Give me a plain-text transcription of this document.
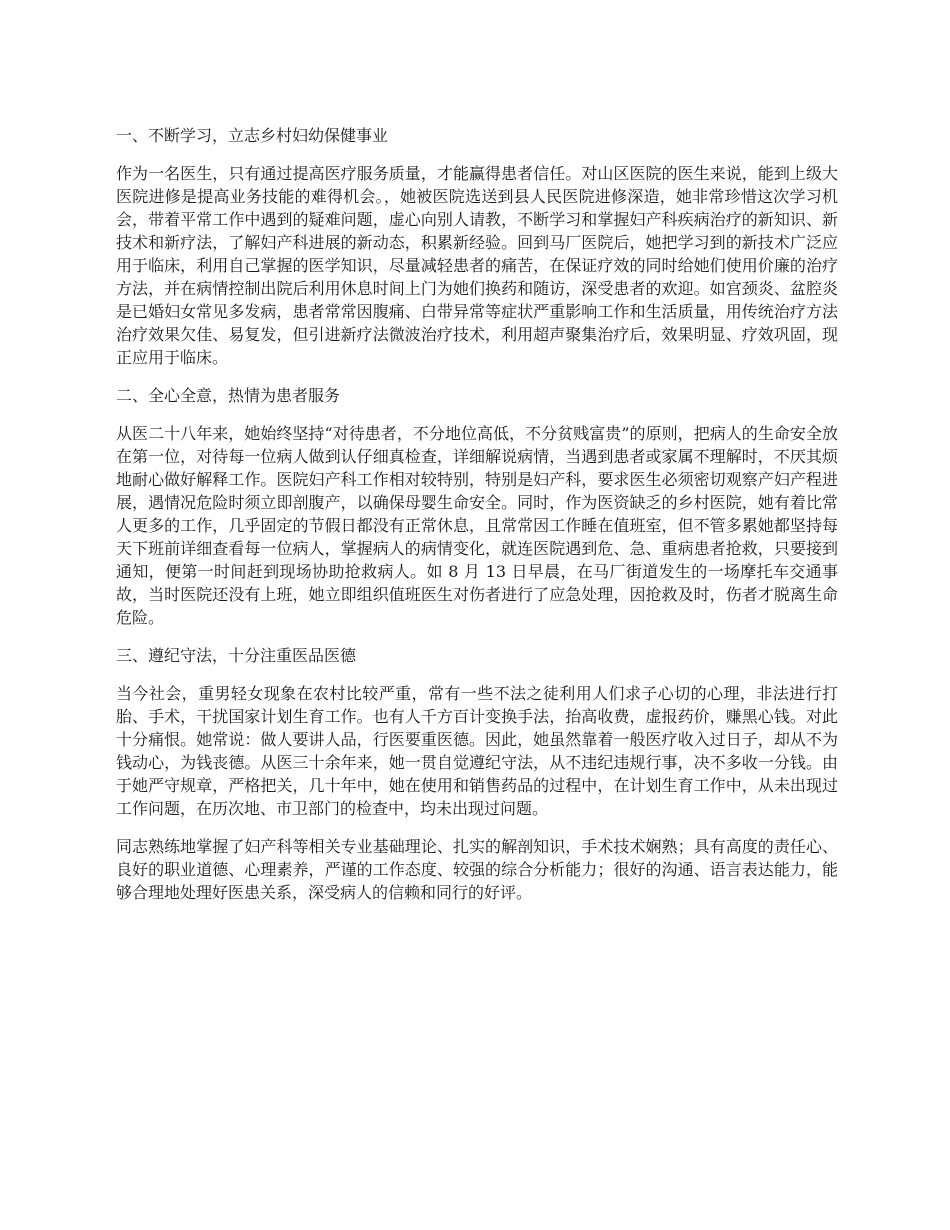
一、不断学习，立志乡村妇幼保健事业

作为一名医生，只有通过提高医疗服务质量，才能赢得患者信任。对山区医院的医生来说，能到上级大医院进修是提高业务技能的难得机会。，她被医院选送到县人民医院进修深造，她非常珍惜这次学习机会，带着平常工作中遇到的疑难问题，虚心向别人请教，不断学习和掌握妇产科疾病治疗的新知识、新技术和新疗法，了解妇产科进展的新动态，积累新经验。回到马厂医院后，她把学习到的新技术广泛应用于临床，利用自己掌握的医学知识，尽量减轻患者的痛苦，在保证疗效的同时给她们使用价廉的治疗方法，并在病情控制出院后利用休息时间上门为她们换药和随访，深受患者的欢迎。如宫颈炎、盆腔炎是已婚妇女常见多发病，患者常常因腹痛、白带异常等症状严重影响工作和生活质量，用传统治疗方法治疗效果欠佳、易复发，但引进新疗法微波治疗技术，利用超声聚集治疗后，效果明显、疗效巩固，现正应用于临床。

二、全心全意，热情为患者服务

从医二十八年来，她始终坚持“对待患者，不分地位高低，不分贫贱富贵”的原则，把病人的生命安全放在第一位，对待每一位病人做到认仔细真检查，详细解说病情，当遇到患者或家属不理解时，不厌其烦地耐心做好解释工作。医院妇产科工作相对较特别，特别是妇产科，要求医生必须密切观察产妇产程进展，遇情况危险时须立即剖腹产，以确保母婴生命安全。同时，作为医资缺乏的乡村医院，她有着比常人更多的工作，几乎固定的节假日都没有正常休息，且常常因工作睡在值班室，但不管多累她都坚持每天下班前详细查看每一位病人，掌握病人的病情变化，就连医院遇到危、急、重病患者抢救，只要接到通知，便第一时间赶到现场协助抢救病人。如 8 月 13 日早晨，在马厂街道发生的一场摩托车交通事故，当时医院还没有上班，她立即组织值班医生对伤者进行了应急处理，因抢救及时，伤者才脱离生命危险。

三、遵纪守法，十分注重医品医德

当今社会，重男轻女现象在农村比较严重，常有一些不法之徒利用人们求子心切的心理，非法进行打胎、手术，干扰国家计划生育工作。也有人千方百计变换手法，抬高收费，虚报药价，赚黑心钱。对此十分痛恨。她常说：做人要讲人品，行医要重医德。因此，她虽然靠着一般医疗收入过日子，却从不为钱动心，为钱丧德。从医三十余年来，她一贯自觉遵纪守法，从不违纪违规行事，决不多收一分钱。由于她严守规章，严格把关，几十年中，她在使用和销售药品的过程中，在计划生育工作中，从未出现过工作问题，在历次地、市卫部门的检查中，均未出现过问题。

同志熟练地掌握了妇产科等相关专业基础理论、扎实的解剖知识，手术技术娴熟；具有高度的责任心、良好的职业道德、心理素养，严谨的工作态度、较强的综合分析能力；很好的沟通、语言表达能力，能够合理地处理好医患关系，深受病人的信赖和同行的好评。
